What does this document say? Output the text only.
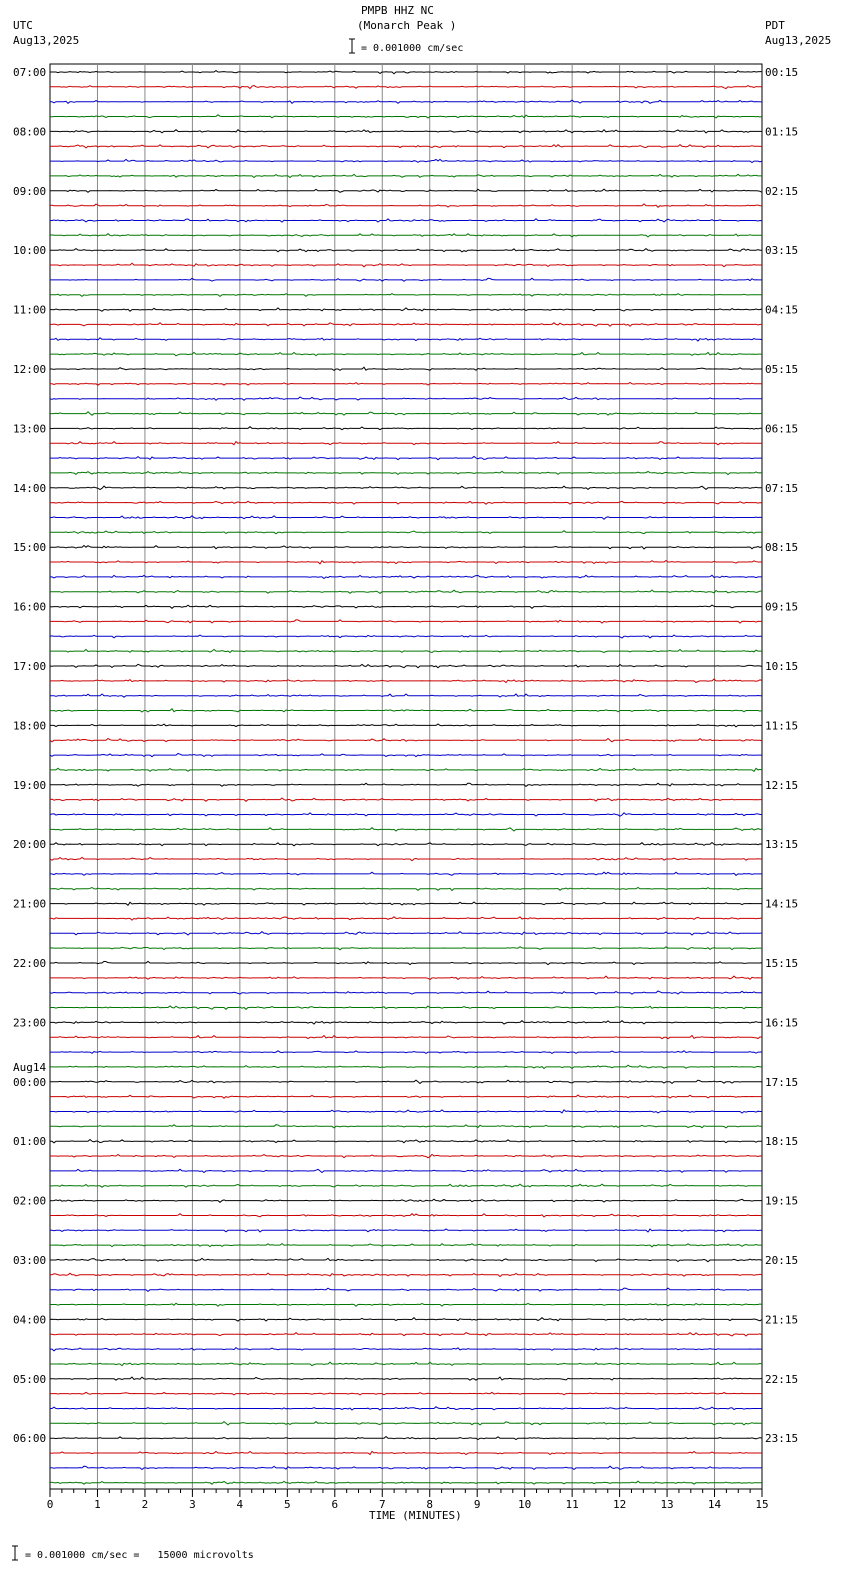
07:00
08:00
09:00
10:00
11:00
12:00
13:00
14:00
15:00
16:00
17:00
18:00
19:00
20:00
21:00
22:00
23:00
00:00
01:00
02:00
03:00
04:00
05:00
06:00
00:15
01:15
02:15
03:15
04:15
05:15
06:15
07:15
08:15
09:15
10:15
11:15
12:15
13:15
14:15
15:15
16:15
17:15
18:15
19:15
20:15
21:15
22:15
23:15
0	1	2	3	4	5	6	7	8	9	10	11	12	13	14	15
PMPB HHZ NC
(Monarch Peak )
= 0.001000 cm/sec
UTC
Aug13,2025
PDT
Aug13,2025
TIME (MINUTES)
= 0.001000 cm/sec =   15000 microvolts
Aug14
